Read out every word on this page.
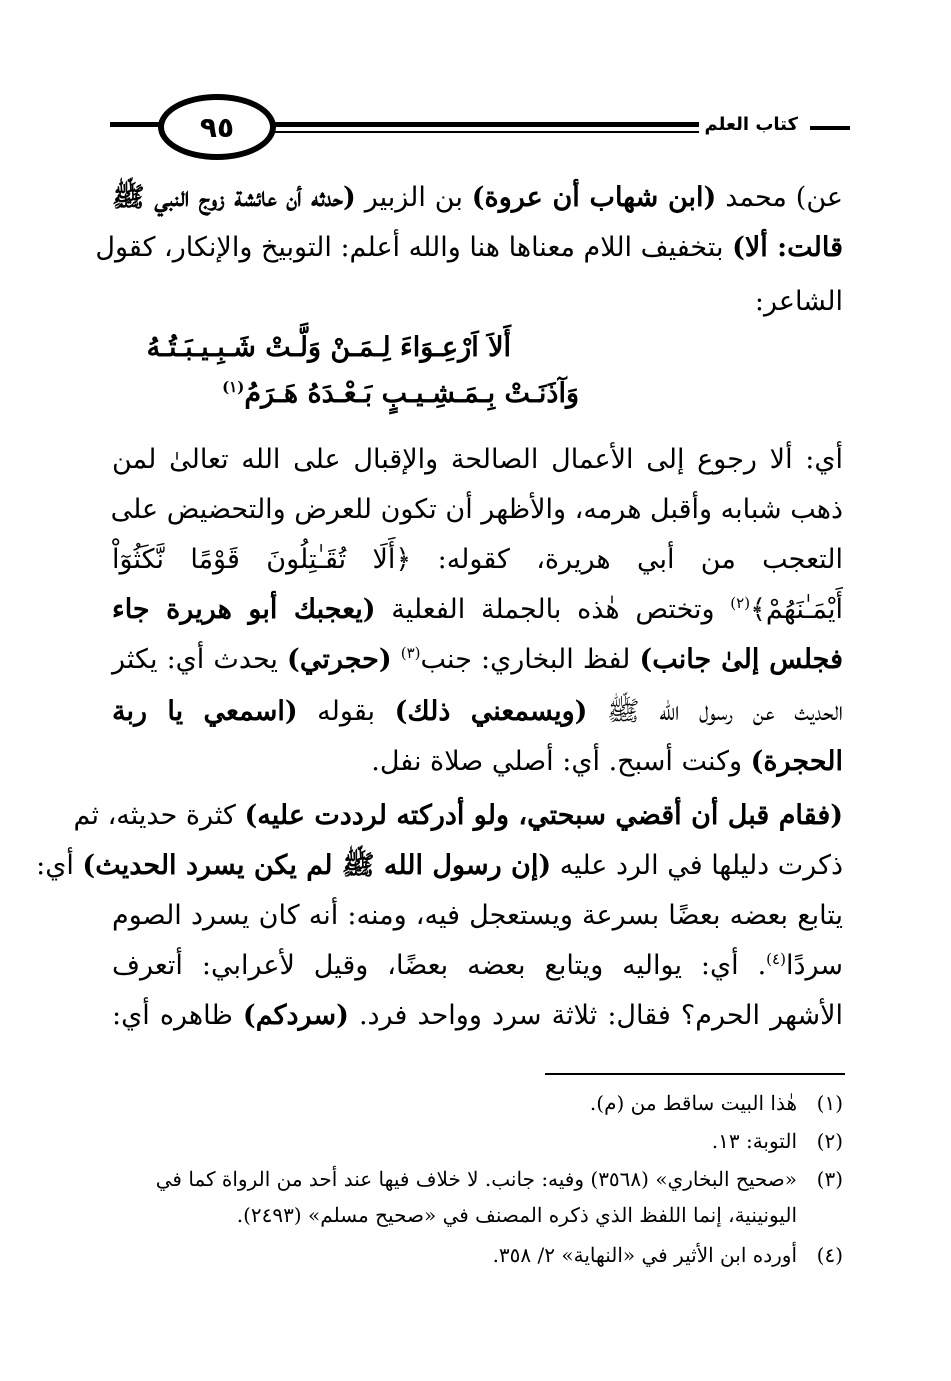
٩٥	كتاب العلم
عن) محمد (ابن شهاب أن عروة) بن الزبير (حدثه أن عائشة زوج النبي ﷺ
قالت: ألا) بتخفيف اللام معناها هنا والله أعلم: التوبيخ والإنكار، كقول
الشاعر:
أَلاَ اَرْعِـوَاءَ لِـمَـنْ وَلَّـتْ شَـبِـيـبَـتُـهُ
وَآذَنَـتْ بِـمَـشِـيـبٍ بَـعْـدَهُ هَـرَمُ$^{(١)}$
أي: ألا رجوع إلى الأعمال الصالحة والإقبال على الله تعالىٰ لمن
ذهب شبابه وأقبل هرمه، والأظهر أن تكون للعرض والتحضيض على
التعجب من أبي هريرة، كقوله: ﴿أَلَا تُقَـٰتِلُونَ قَوْمًا نَّكَثُوٓاْ
أَيْمَـٰنَهُمْ﴾$^{(٢)}$ وتختص هٰذه بالجملة الفعلية (يعجبك أبو هريرة جاء
فجلس إلىٰ جانب) لفظ البخاري: جنب$^{(٣)}$ (حجرتي) يحدث أي: يكثر
الحديث عن رسول الله ﷺ (ويسمعني ذلك) بقوله (اسمعي يا ربة
الحجرة) وكنت أسبح. أي: أصلي صلاة نفل.
(فقام قبل أن أقضي سبحتي، ولو أدركته لرددت عليه) كثرة حديثه، ثم
ذكرت دليلها في الرد عليه (إن رسول الله ﷺ لم يكن يسرد الحديث) أي:
يتابع بعضه بعضًا بسرعة ويستعجل فيه، ومنه: أنه كان يسرد الصوم
سردًا$^{(٤)}$. أي: يواليه ويتابع بعضه بعضًا، وقيل لأعرابي: أتعرف
الأشهر الحرم؟ فقال: ثلاثة سرد وواحد فرد. (سردكم) ظاهره أي:
(١)هٰذا البيت ساقط من (م).
(٢)التوبة: ١٣.
(٣)«صحيح البخاري» (٣٥٦٨) وفيه: جانب. لا خلاف فيها عند أحد من الرواة كما في
اليونينية، إنما اللفظ الذي ذكره المصنف في «صحيح مسلم» (٢٤٩٣).
(٤)أورده ابن الأثير في «النهاية» ٢/ ٣٥٨.
